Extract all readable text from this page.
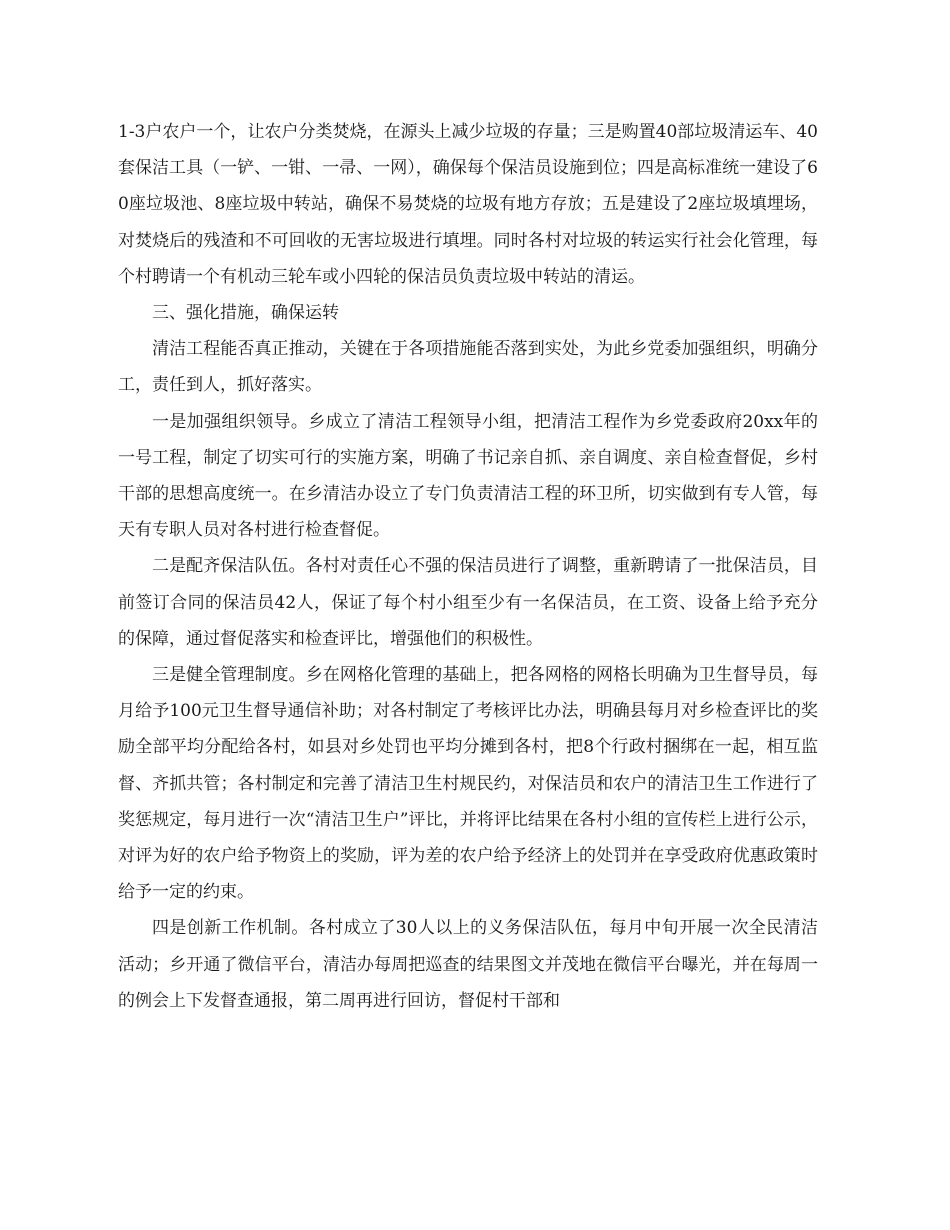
1-3户农户一个，让农户分类焚烧，在源头上减少垃圾的存量；三是购置40部垃圾清运车、40套保洁工具（一铲、一钳、一帚、一网），确保每个保洁员设施到位；四是高标准统一建设了60座垃圾池、8座垃圾中转站，确保不易焚烧的垃圾有地方存放；五是建设了2座垃圾填埋场，对焚烧后的残渣和不可回收的无害垃圾进行填埋。同时各村对垃圾的转运实行社会化管理，每个村聘请一个有机动三轮车或小四轮的保洁员负责垃圾中转站的清运。

三、强化措施，确保运转

清洁工程能否真正推动，关键在于各项措施能否落到实处，为此乡党委加强组织，明确分工，责任到人，抓好落实。

一是加强组织领导。乡成立了清洁工程领导小组，把清洁工程作为乡党委政府20xx年的一号工程，制定了切实可行的实施方案，明确了书记亲自抓、亲自调度、亲自检查督促，乡村干部的思想高度统一。在乡清洁办设立了专门负责清洁工程的环卫所，切实做到有专人管，每天有专职人员对各村进行检查督促。

二是配齐保洁队伍。各村对责任心不强的保洁员进行了调整，重新聘请了一批保洁员，目前签订合同的保洁员42人，保证了每个村小组至少有一名保洁员，在工资、设备上给予充分的保障，通过督促落实和检查评比，增强他们的积极性。

三是健全管理制度。乡在网格化管理的基础上，把各网格的网格长明确为卫生督导员，每月给予100元卫生督导通信补助；对各村制定了考核评比办法，明确县每月对乡检查评比的奖励全部平均分配给各村，如县对乡处罚也平均分摊到各村，把8个行政村捆绑在一起，相互监督、齐抓共管；各村制定和完善了清洁卫生村规民约，对保洁员和农户的清洁卫生工作进行了奖惩规定，每月进行一次“清洁卫生户”评比，并将评比结果在各村小组的宣传栏上进行公示，对评为好的农户给予物资上的奖励，评为差的农户给予经济上的处罚并在享受政府优惠政策时给予一定的约束。

四是创新工作机制。各村成立了30人以上的义务保洁队伍，每月中旬开展一次全民清洁活动；乡开通了微信平台，清洁办每周把巡查的结果图文并茂地在微信平台曝光，并在每周一的例会上下发督查通报，第二周再进行回访，督促村干部和
